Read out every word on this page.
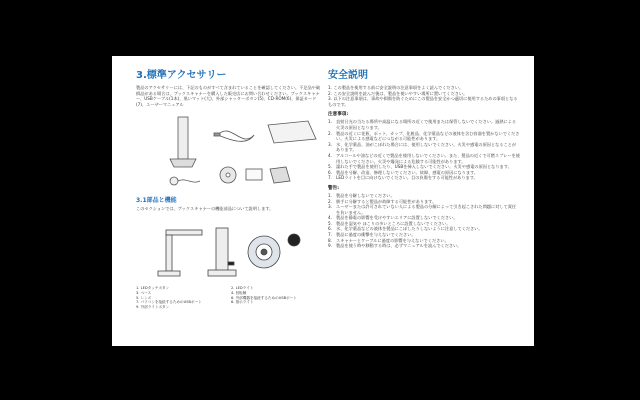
3.標準アクセサリー

製品のアクセサリーには、下記のものがすべて含まれていることを確認してください。不足品や破損品がある場合は、ブックスキャナーを購入した販売店にお問い合わせください。ブックスキャナー、USBケーブル(1本)、黒いマット(大)、外部シャッターボタン(5)、CD-ROM(6)、保証カード(7)、ユーザーマニュアル

3.1部品と機能

このセクションでは、ブックスキャナーの機能部品について説明します。

1. LEDタッチボタン	2. LEDライト
3. ベース	4. 回転軸
5. レンズ	6. 外部機器を接続するためのUSBポート
7. パソコンを接続するためのUSBポート	8. 指示ライト
9. 外部ライトボタン
安全説明

1. この製品を使用する前に安全説明の注意事項をよく読んでください。

2. この安全説明を読んだ後は、製品を使いやすい場所に置いてください。

3. 以下の注意事項は、事故や損傷を防ぐためにこの製品を安全かつ適切に使用するための事項となるものです。

注意事項:
1. 直射日光の当たる場所や高温になる場所の近くで使用または保管しないでください。過熱による火災の原因となります。
2. 製品の近くに花瓶、ポット、カップ、化粧品、化学薬品などの液体を含む容器を置かないでください。火災による感電などにつながる可能性があります。
3. 水、化学薬品、油がこぼれた場合には、使用しないでください。火災や感電の原因となることがあります。
4. アルコールや油などの近くで製品を使用しないでください。また、製品の近くで可燃スプレーを使用しないでください。火災や爆発による危険する可能性があります。
5. 濡れた手で製品を使用したり、USBを挿入しないでください。火災や感電の原因となります。
6. 製品を分解、改造、修理しないでください。故障、感電の原因になります。
7. LEDライトを目に向けないでください。目の負傷をする可能性があります。
警告:
1. 製品を分解しないでください。
2. 勝手に分解すると製品が故障する可能性があります。
3. ユーザーまたは許可されていない人による製品の分解によって引き起こされた問題に対して責任を負いません。
4. 製品を静電の影響を受けやすいエリアに設置しないでください。
5. 製品を湿気や ほこりの多いところに設置しないでください。
6. 水、化学薬品などの液体を製品にこぼしたりしないように注意してください。
7. 製品に過度の衝撃を与えないでください。
8. スキャナーとケーブルに過度の影響を与えないでください。
9. 製品を使う時や移動する時は、必ずマニュアルを読んでください。
